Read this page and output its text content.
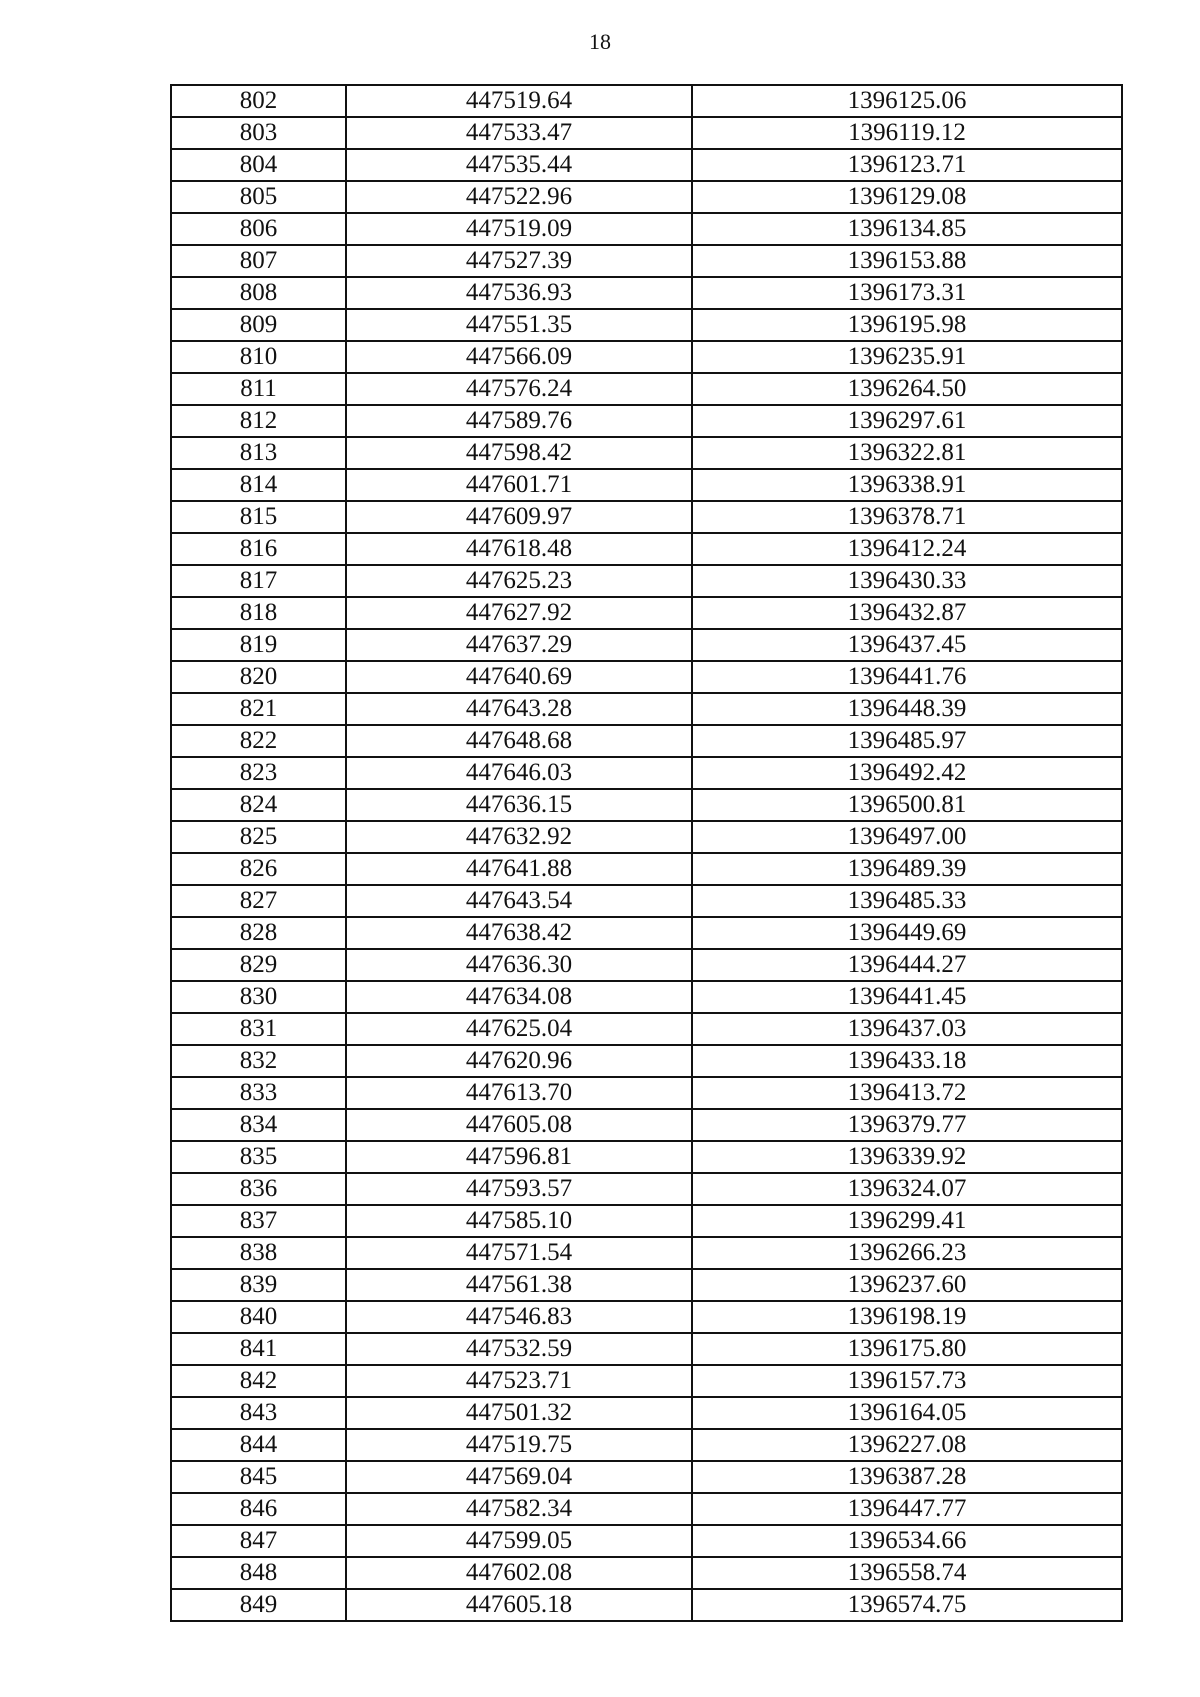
18
802	447519.64	1396125.06
803	447533.47	1396119.12
804	447535.44	1396123.71
805	447522.96	1396129.08
806	447519.09	1396134.85
807	447527.39	1396153.88
808	447536.93	1396173.31
809	447551.35	1396195.98
810	447566.09	1396235.91
811	447576.24	1396264.50
812	447589.76	1396297.61
813	447598.42	1396322.81
814	447601.71	1396338.91
815	447609.97	1396378.71
816	447618.48	1396412.24
817	447625.23	1396430.33
818	447627.92	1396432.87
819	447637.29	1396437.45
820	447640.69	1396441.76
821	447643.28	1396448.39
822	447648.68	1396485.97
823	447646.03	1396492.42
824	447636.15	1396500.81
825	447632.92	1396497.00
826	447641.88	1396489.39
827	447643.54	1396485.33
828	447638.42	1396449.69
829	447636.30	1396444.27
830	447634.08	1396441.45
831	447625.04	1396437.03
832	447620.96	1396433.18
833	447613.70	1396413.72
834	447605.08	1396379.77
835	447596.81	1396339.92
836	447593.57	1396324.07
837	447585.10	1396299.41
838	447571.54	1396266.23
839	447561.38	1396237.60
840	447546.83	1396198.19
841	447532.59	1396175.80
842	447523.71	1396157.73
843	447501.32	1396164.05
844	447519.75	1396227.08
845	447569.04	1396387.28
846	447582.34	1396447.77
847	447599.05	1396534.66
848	447602.08	1396558.74
849	447605.18	1396574.75
